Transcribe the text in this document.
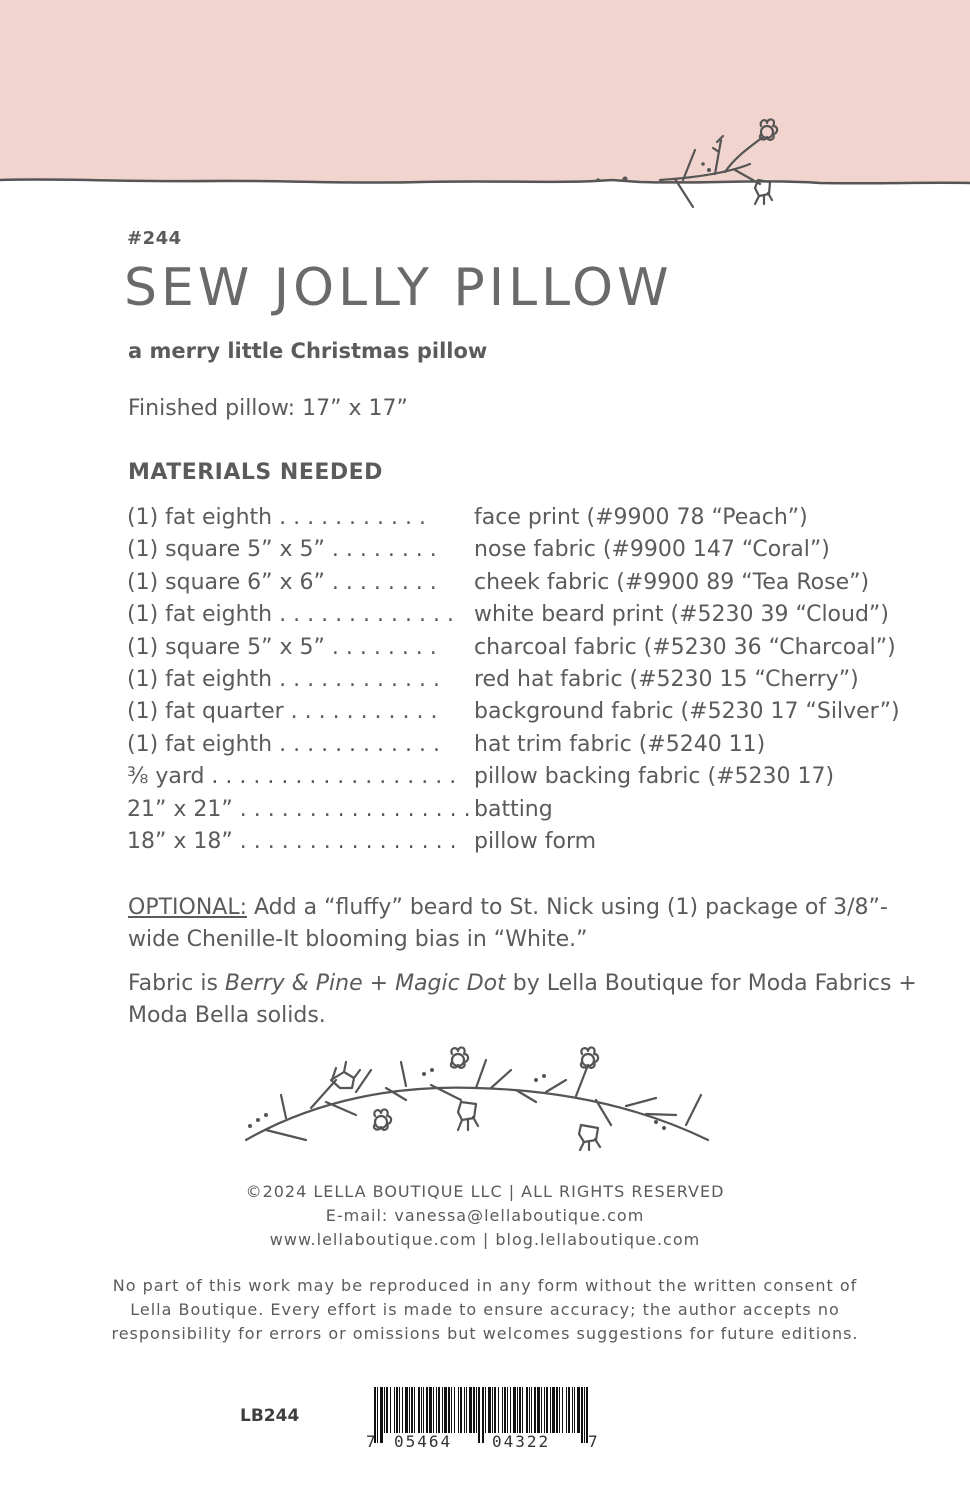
#244
SEW JOLLY PILLOW
a merry little Christmas pillow
Finished pillow: 17” x 17”
MATERIALS NEEDED
(1) fat eighth . . . . . . . . . . . face print (#9900 78 “Peach”)
(1) square 5” x 5” . . . . . . . . nose fabric (#9900 147 “Coral”)
(1) square 6” x 6” . . . . . . . . cheek fabric (#9900 89 “Tea Rose”)
(1) fat eighth . . . . . . . . . . . . . white beard print (#5230 39 “Cloud”)
(1) square 5” x 5” . . . . . . . . charcoal fabric (#5230 36 “Charcoal”)
(1) fat eighth . . . . . . . . . . . . red hat fabric (#5230 15 “Cherry”)
(1) fat quarter . . . . . . . . . . . background fabric (#5230 17 “Silver”)
(1) fat eighth . . . . . . . . . . . . hat trim fabric (#5240 11)
⅜ yard . . . . . . . . . . . . . . . . . . pillow backing fabric (#5230 17)
21” x 21” . . . . . . . . . . . . . . . . . batting
18” x 18” . . . . . . . . . . . . . . . . pillow form
OPTIONAL: Add a “fluffy” beard to St. Nick using (1) package of 3/8”-wide Chenille-It blooming bias in “White.”
Fabric is Berry & Pine + Magic Dot by Lella Boutique for Moda Fabrics + Moda Bella solids.
©2024 LELLA BOUTIQUE LLC | ALL RIGHTS RESERVED
E-mail: vanessa@lellaboutique.com
www.lellaboutique.com | blog.lellaboutique.com
No part of this work may be reproduced in any form without the written consent of Lella Boutique. Every effort is made to ensure accuracy; the author accepts no responsibility for errors or omissions but welcomes suggestions for future editions.
LB244
7 05464 04322 7
